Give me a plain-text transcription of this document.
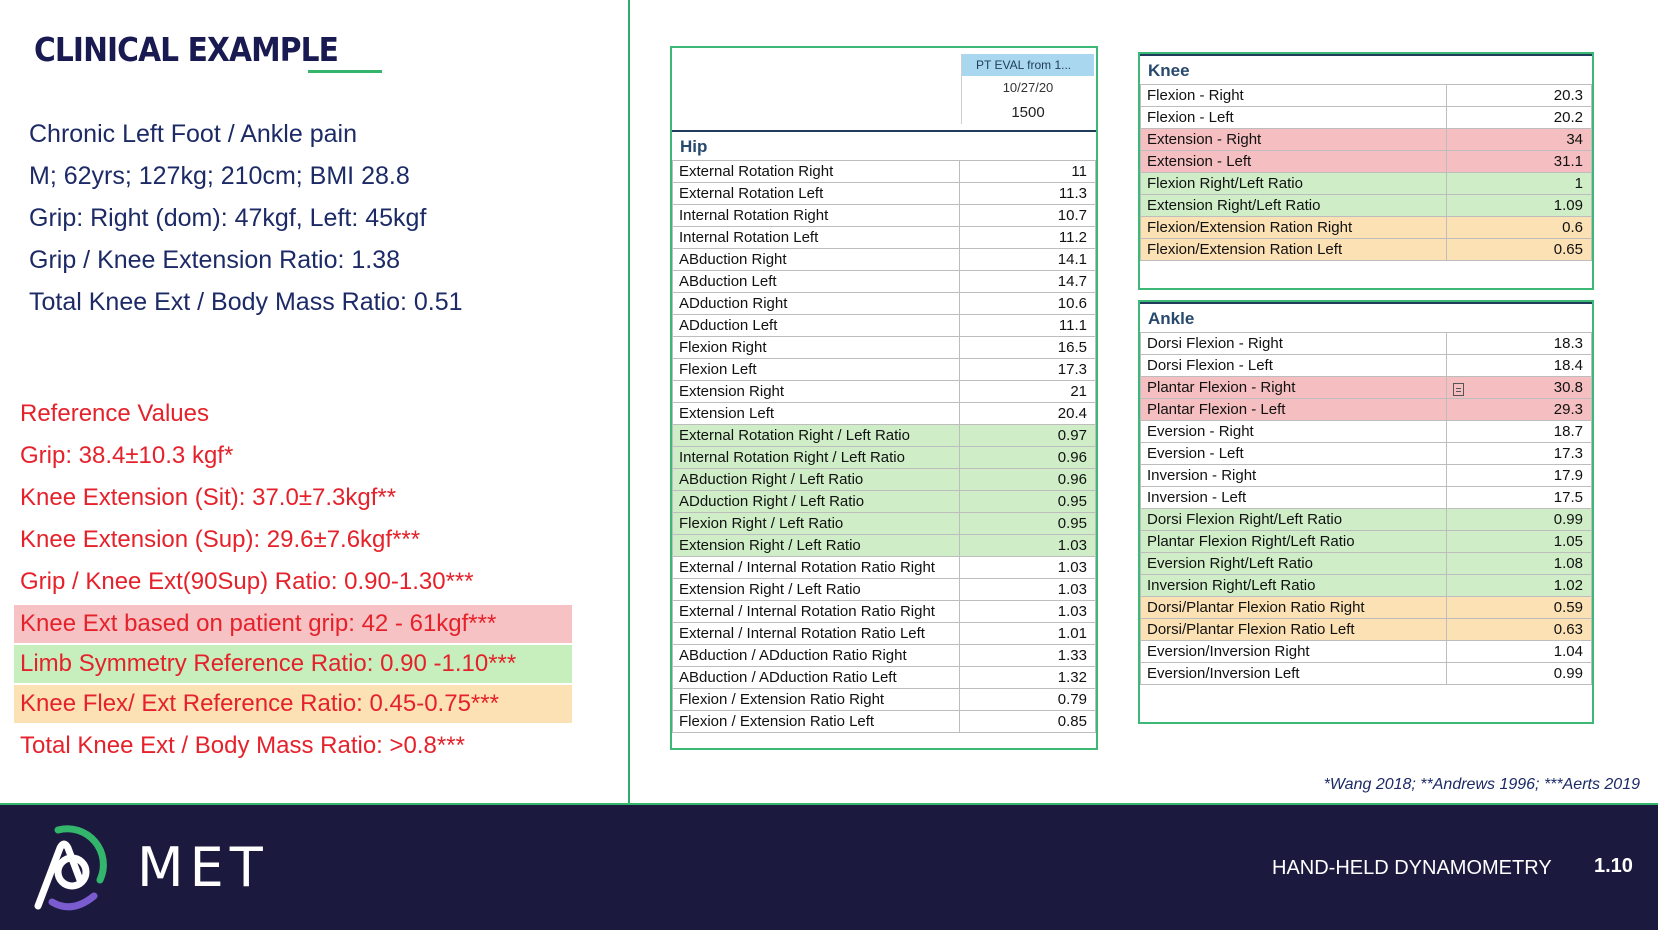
CLINICAL EXAMPLE
Chronic Left Foot / Ankle pain
M; 62yrs; 127kg; 210cm; BMI 28.8
Grip: Right (dom): 47kgf, Left: 45kgf
Grip / Knee Extension Ratio: 1.38
Total Knee Ext / Body Mass Ratio: 0.51
Reference Values
Grip: 38.4±10.3 kgf*
Knee Extension (Sit): 37.0±7.3kgf**
Knee Extension (Sup): 29.6±7.6kgf***
Grip / Knee Ext(90Sup) Ratio: 0.90-1.30***
Knee Ext based on patient grip: 42 - 61kgf***
Limb Symmetry Reference Ratio: 0.90 -1.10***
Knee Flex/ Ext Reference Ratio: 0.45-0.75***
Total Knee Ext / Body Mass Ratio: >0.8***
PT EVAL from 1...
10/27/20
1500
Hip
External Rotation Right	11
External Rotation Left	11.3
Internal Rotation Right	10.7
Internal Rotation Left	11.2
ABduction Right	14.1
ABduction Left	14.7
ADduction Right	10.6
ADduction Left	11.1
Flexion Right	16.5
Flexion Left	17.3
Extension Right	21
Extension Left	20.4
External Rotation Right / Left Ratio	0.97
Internal Rotation Right / Left Ratio	0.96
ABduction Right / Left Ratio	0.96
ADduction Right / Left Ratio	0.95
Flexion Right / Left Ratio	0.95
Extension Right / Left Ratio	1.03
External / Internal Rotation Ratio Right	1.03
Extension Right / Left Ratio	1.03
External / Internal Rotation Ratio Right	1.03
External / Internal Rotation Ratio Left	1.01
ABduction / ADduction Ratio Right	1.33
ABduction / ADduction Ratio Left	1.32
Flexion / Extension Ratio Right	0.79
Flexion / Extension Ratio Left	0.85
Knee
Flexion - Right	20.3
Flexion - Left	20.2
Extension - Right	34
Extension - Left	31.1
Flexion Right/Left Ratio	1
Extension Right/Left Ratio	1.09
Flexion/Extension Ration Right	0.6
Flexion/Extension Ration Left	0.65
Ankle
Dorsi Flexion - Right	18.3
Dorsi Flexion - Left	18.4
Plantar Flexion - Right	30.8
Plantar Flexion - Left	29.3
Eversion - Right	18.7
Eversion - Left	17.3
Inversion - Right	17.9
Inversion - Left	17.5
Dorsi Flexion Right/Left Ratio	0.99
Plantar Flexion Right/Left Ratio	1.05
Eversion Right/Left Ratio	1.08
Inversion Right/Left Ratio	1.02
Dorsi/Plantar Flexion Ratio Right	0.59
Dorsi/Plantar Flexion Ratio Left	0.63
Eversion/Inversion Right	1.04
Eversion/Inversion Left	0.99
*Wang 2018; **Andrews 1996; ***Aerts 2019
MET	HAND-HELD DYNAMOMETRY 1.10
